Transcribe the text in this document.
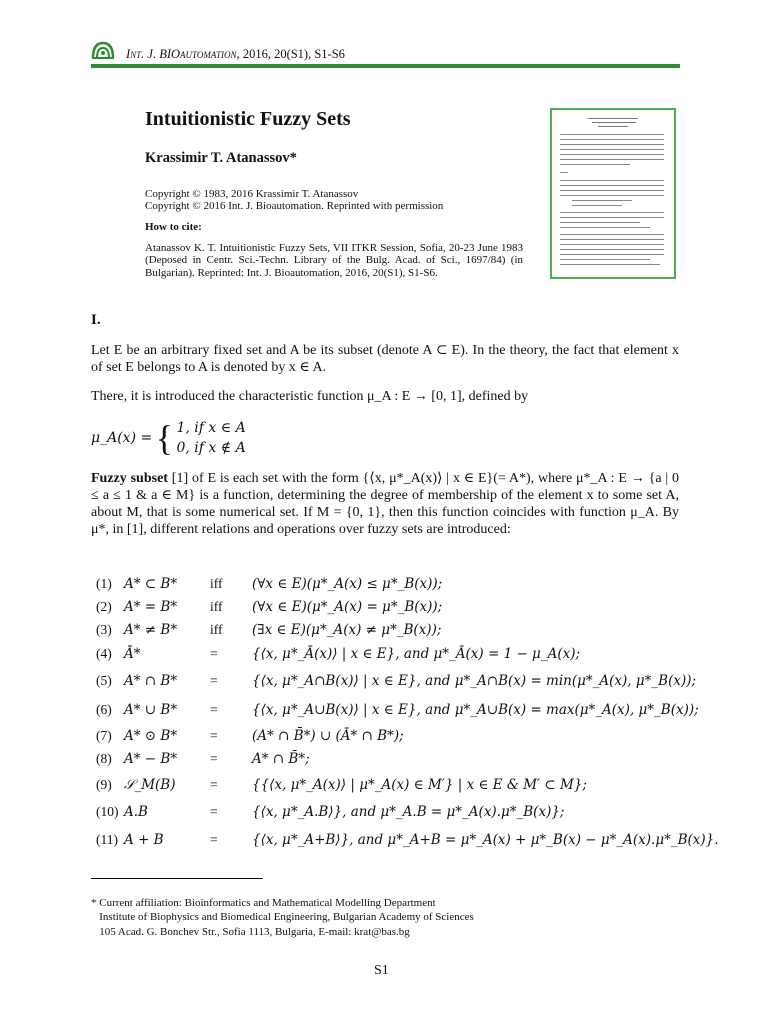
Int. J. BIOautomation, 2016, 20(S1), S1-S6
Intuitionistic Fuzzy Sets
Krassimir T. Atanassov*
Copyright © 1983, 2016 Krassimir T. Atanassov
Copyright © 2016 Int. J. Bioautomation. Reprinted with permission
How to cite:
Atanassov K. T. Intuitionistic Fuzzy Sets, VII ITKR Session, Sofia, 20-23 June 1983 (Deposed in Centr. Sci.-Techn. Library of the Bulg. Acad. of Sci., 1697/84) (in Bulgarian). Reprinted: Int. J. Bioautomation, 2016, 20(S1), S1-S6.
I.
Let E be an arbitrary fixed set and A be its subset (denote A ⊂ E). In the theory, the fact that element x of set E belongs to A is denoted by x ∈ A.
There, it is introduced the characteristic function μ_A : E → [0, 1], defined by
μ_A(x) = { 1, if x ∈ A
0, if x ∉ A
Fuzzy subset [1] of E is each set with the form {⟨x, μ*_A(x)⟩ | x ∈ E}(= A*), where μ*_A : E → {a | 0 ≤ a ≤ 1 & a ∈ M} is a function, determining the degree of membership of the element x to some set A, about M, that is some numerical set. If M = {0, 1}, then this function coincides with function μ_A. By μ*, in [1], different relations and operations over fuzzy sets are introduced:
(1) A* ⊂ B* iff (∀x ∈ E)(μ*_A(x) ≤ μ*_B(x));
(2) A* = B* iff (∀x ∈ E)(μ*_A(x) = μ*_B(x));
(3) A* ≠ B* iff (∃x ∈ E)(μ*_A(x) ≠ μ*_B(x));
(4) Ā*	=	{⟨x, μ*_Ā(x)⟩ | x ∈ E}, and μ*_Ā(x) = 1 − μ_A(x);
(5) A* ∩ B* =	{⟨x, μ*_A∩B(x)⟩ | x ∈ E}, and μ*_A∩B(x) = min(μ*_A(x), μ*_B(x));
(6) A* ∪ B* =	{⟨x, μ*_A∪B(x)⟩ | x ∈ E}, and μ*_A∪B(x) = max(μ*_A(x), μ*_B(x));
(7) A* ⊙ B* =	(A* ∩ B̄*) ∪ (Ā* ∩ B*);
(8) A* − B* =	A* ∩ B̄*;
(9) 𝒮_M(B)	=	{{⟨x, μ*_A(x)⟩ | μ*_A(x) ∈ M′} | x ∈ E & M′ ⊂ M};
(10) A.B	=	{⟨x, μ*_A.B⟩}, and μ*_A.B = μ*_A(x).μ*_B(x)};
(11) A + B	=	{⟨x, μ*_A+B⟩}, and μ*_A+B = μ*_A(x) + μ*_B(x) − μ*_A(x).μ*_B(x)}.
* Current affiliation: Bioinformatics and Mathematical Modelling Department
Institute of Biophysics and Biomedical Engineering, Bulgarian Academy of Sciences
105 Acad. G. Bonchev Str., Sofia 1113, Bulgaria, E-mail: krat@bas.bg
S1
